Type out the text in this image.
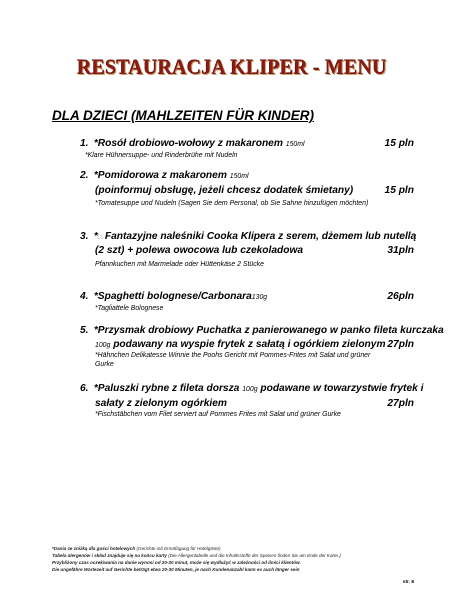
RESTAURACJA KLIPER - MENU
DLA DZIECI (MAHLZEITEN FÜR KINDER)
1. *Rosół drobiowo-wołowy z makaronem 150ml	15 pln
*Klare Hühnersuppe- und Rinderbrühe mit Nudeln
2. *Pomidorowa z makaronem 150ml
(poinformuj obsługę, jeżeli chcesz dodatek śmietany)	15 pln
*Tomatesuppe und Nudeln (Sagen Sie dem Personal, ob Sie Sahne hinzufügen möchten)
3. *□ Fantazyjne naleśniki Cooka Klipera z serem, dżemem lub nutellą
(2 szt) + polewa owocowa lub czekoladowa	31pln
Pfannkuchen mit Marmelade oder Hüttenkäse 2 Stücke
4. *Spaghetti bolognese/Carbonara130g	26pln
*Tagliattele Bolognese
5. *Przysmak drobiowy Puchatka z panierowanego w panko fileta kurczaka
100g podawany na wyspie frytek z sałatą i ogórkiem zielonym 27pln
*Hähnchen Delikatesse Winnie the Poohs Gericht mit Pommes-Frites mit Salat und grüner
Gurke
6. *Paluszki rybne z fileta dorsza 100g podawane w towarzystwie frytek i
sałaty z zielonym ogórkiem	27pln
*Fischstäbchen vom Filet serviert auf Pommes Frites mit Salat und grüner Gurke
*Dania ze zniżką dla gości hotelowych (Gerichte mit Ermäßigung für Hotelgäste)
Tabela alergenów i skład znajduje się na końcu karty (Die Allergentabelle und die Inhaltsstoffe der Speisen finden Sie am Ende der Karte.)
Przybliżony czas oczekiwania na danie wynosi od 20-30 minut, może się wydłużyć w zależności od ilości klientów.
Die ungefähre Wartezeit auf Gerichte beträgt etwa 20-30 Minuten, je nach Kundenanzahl kann es auch länger sein
str. 8
